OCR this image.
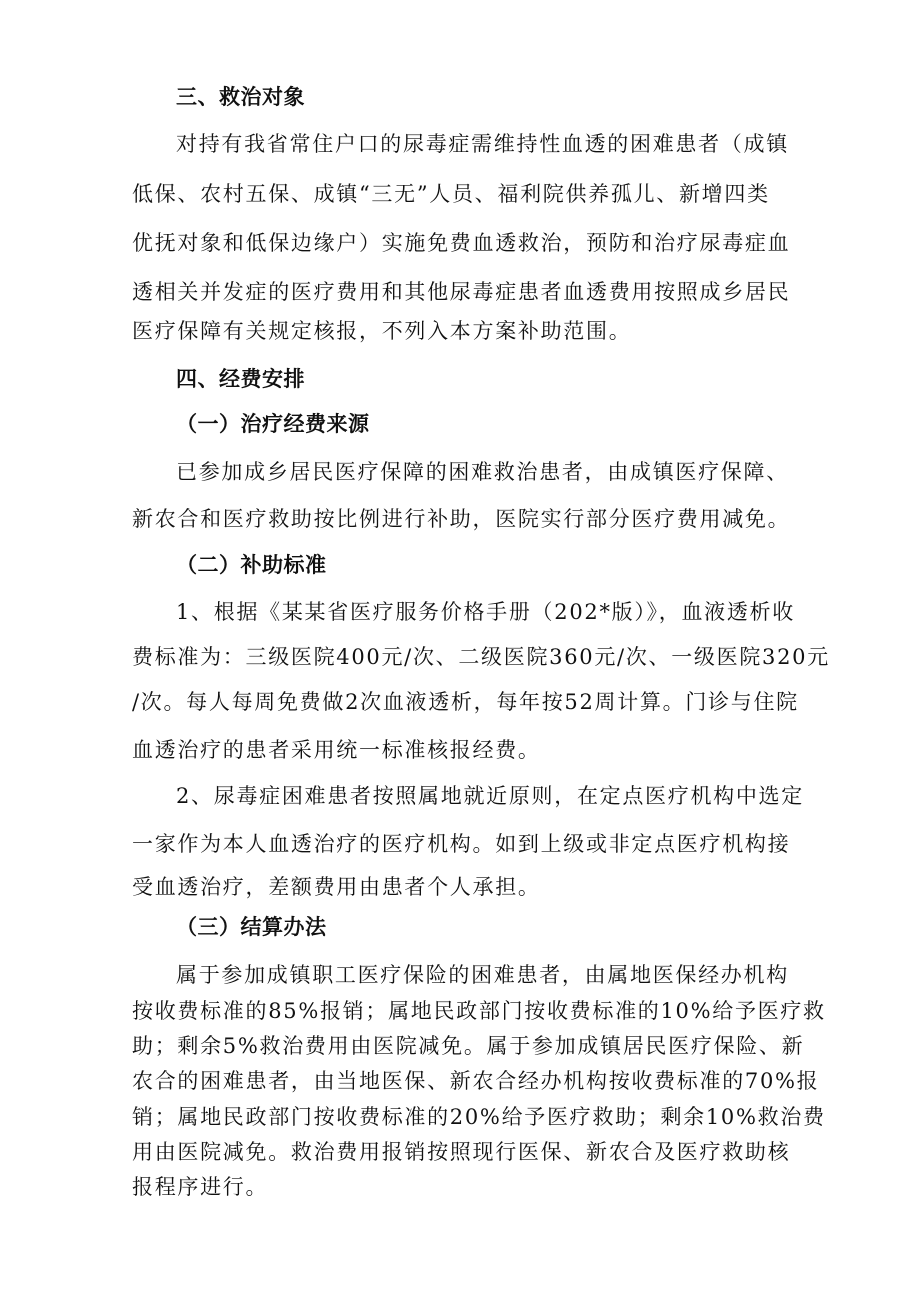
三、救治对象
对持有我省常住户口的尿毒症需维持性血透的困难患者（成镇
低保、农村五保、成镇“三无”人员、福利院供养孤儿、新增四类
优抚对象和低保边缘户）实施免费血透救治，预防和治疗尿毒症血
透相关并发症的医疗费用和其他尿毒症患者血透费用按照成乡居民
医疗保障有关规定核报，不列入本方案补助范围。
四、经费安排
（一）治疗经费来源
已参加成乡居民医疗保障的困难救治患者，由成镇医疗保障、
新农合和医疗救助按比例进行补助，医院实行部分医疗费用减免。
（二）补助标准
1、根据《某某省医疗服务价格手册（202*版）》，血液透析收
费标准为：三级医院400元/次、二级医院360元/次、一级医院320元
/次。每人每周免费做2次血液透析，每年按52周计算。门诊与住院
血透治疗的患者采用统一标准核报经费。
2、尿毒症困难患者按照属地就近原则，在定点医疗机构中选定
一家作为本人血透治疗的医疗机构。如到上级或非定点医疗机构接
受血透治疗，差额费用由患者个人承担。
（三）结算办法
属于参加成镇职工医疗保险的困难患者，由属地医保经办机构
按收费标准的85%报销；属地民政部门按收费标准的10%给予医疗救
助；剩余5%救治费用由医院减免。属于参加成镇居民医疗保险、新
农合的困难患者，由当地医保、新农合经办机构按收费标准的70%报
销；属地民政部门按收费标准的20%给予医疗救助；剩余10%救治费
用由医院减免。救治费用报销按照现行医保、新农合及医疗救助核
报程序进行。
